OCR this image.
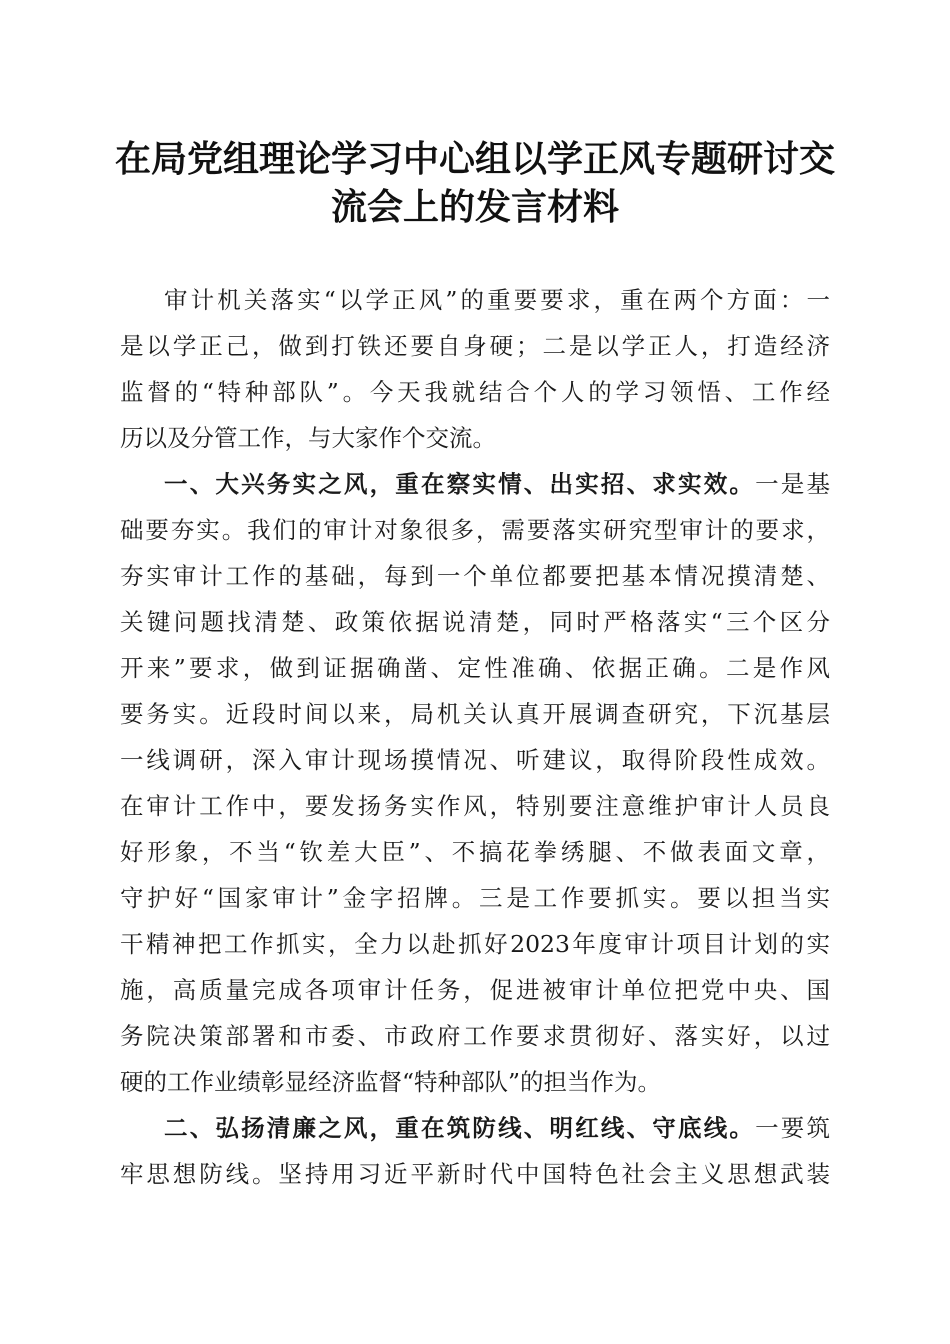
在局党组理论学习中心组以学正风专题研讨交
流会上的发言材料
审计机关落实“以学正风”的重要要求，重在两个方面：一
是以学正己，做到打铁还要自身硬；二是以学正人，打造经济
监督的“特种部队”。今天我就结合个人的学习领悟、工作经
历以及分管工作，与大家作个交流。
一、大兴务实之风，重在察实情、出实招、求实效。一是基
础要夯实。我们的审计对象很多，需要落实研究型审计的要求，
夯实审计工作的基础，每到一个单位都要把基本情况摸清楚、
关键问题找清楚、政策依据说清楚，同时严格落实“三个区分
开来”要求，做到证据确凿、定性准确、依据正确。二是作风
要务实。近段时间以来，局机关认真开展调查研究，下沉基层
一线调研，深入审计现场摸情况、听建议，取得阶段性成效。
在审计工作中，要发扬务实作风，特别要注意维护审计人员良
好形象，不当“钦差大臣”、不搞花拳绣腿、不做表面文章，
守护好“国家审计”金字招牌。三是工作要抓实。要以担当实
干精神把工作抓实，全力以赴抓好2023年度审计项目计划的实
施，高质量完成各项审计任务，促进被审计单位把党中央、国
务院决策部署和市委、市政府工作要求贯彻好、落实好，以过
硬的工作业绩彰显经济监督“特种部队”的担当作为。
二、弘扬清廉之风，重在筑防线、明红线、守底线。一要筑
牢思想防线。坚持用习近平新时代中国特色社会主义思想武装
